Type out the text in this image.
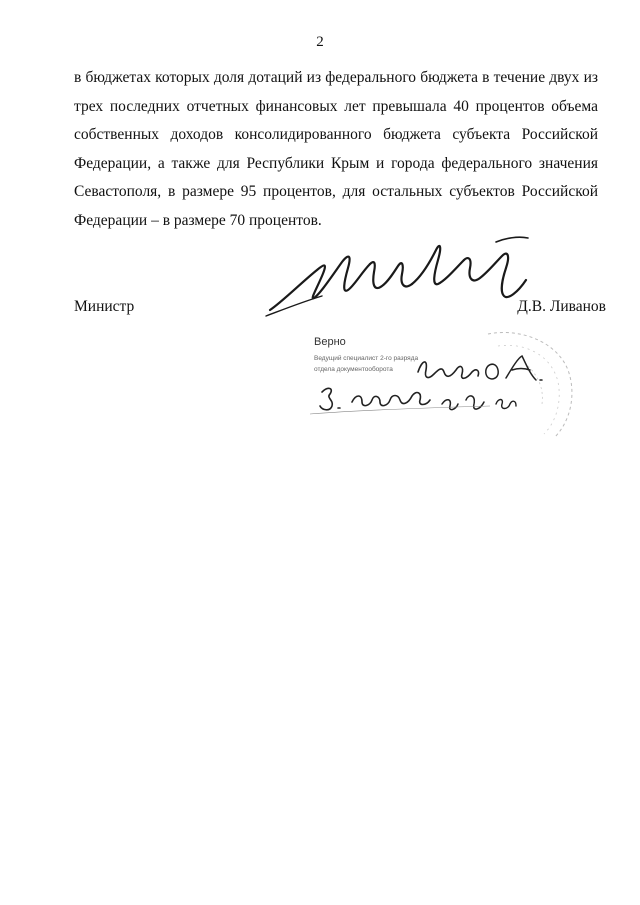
2

в бюджетах которых доля дотаций из федерального бюджета в течение двух из трех последних отчетных финансовых лет превышала 40 процентов объема собственных доходов консолидированного бюджета субъекта Российской Федерации, а также для Республики Крым и города федерального значения Севастополя, в размере 95 процентов, для остальных субъектов Российской Федерации – в размере 70 процентов.

Министр	Д.В. Ливанов
Верно
Ведущий специалист 2-го разряда
отдела документооборота
